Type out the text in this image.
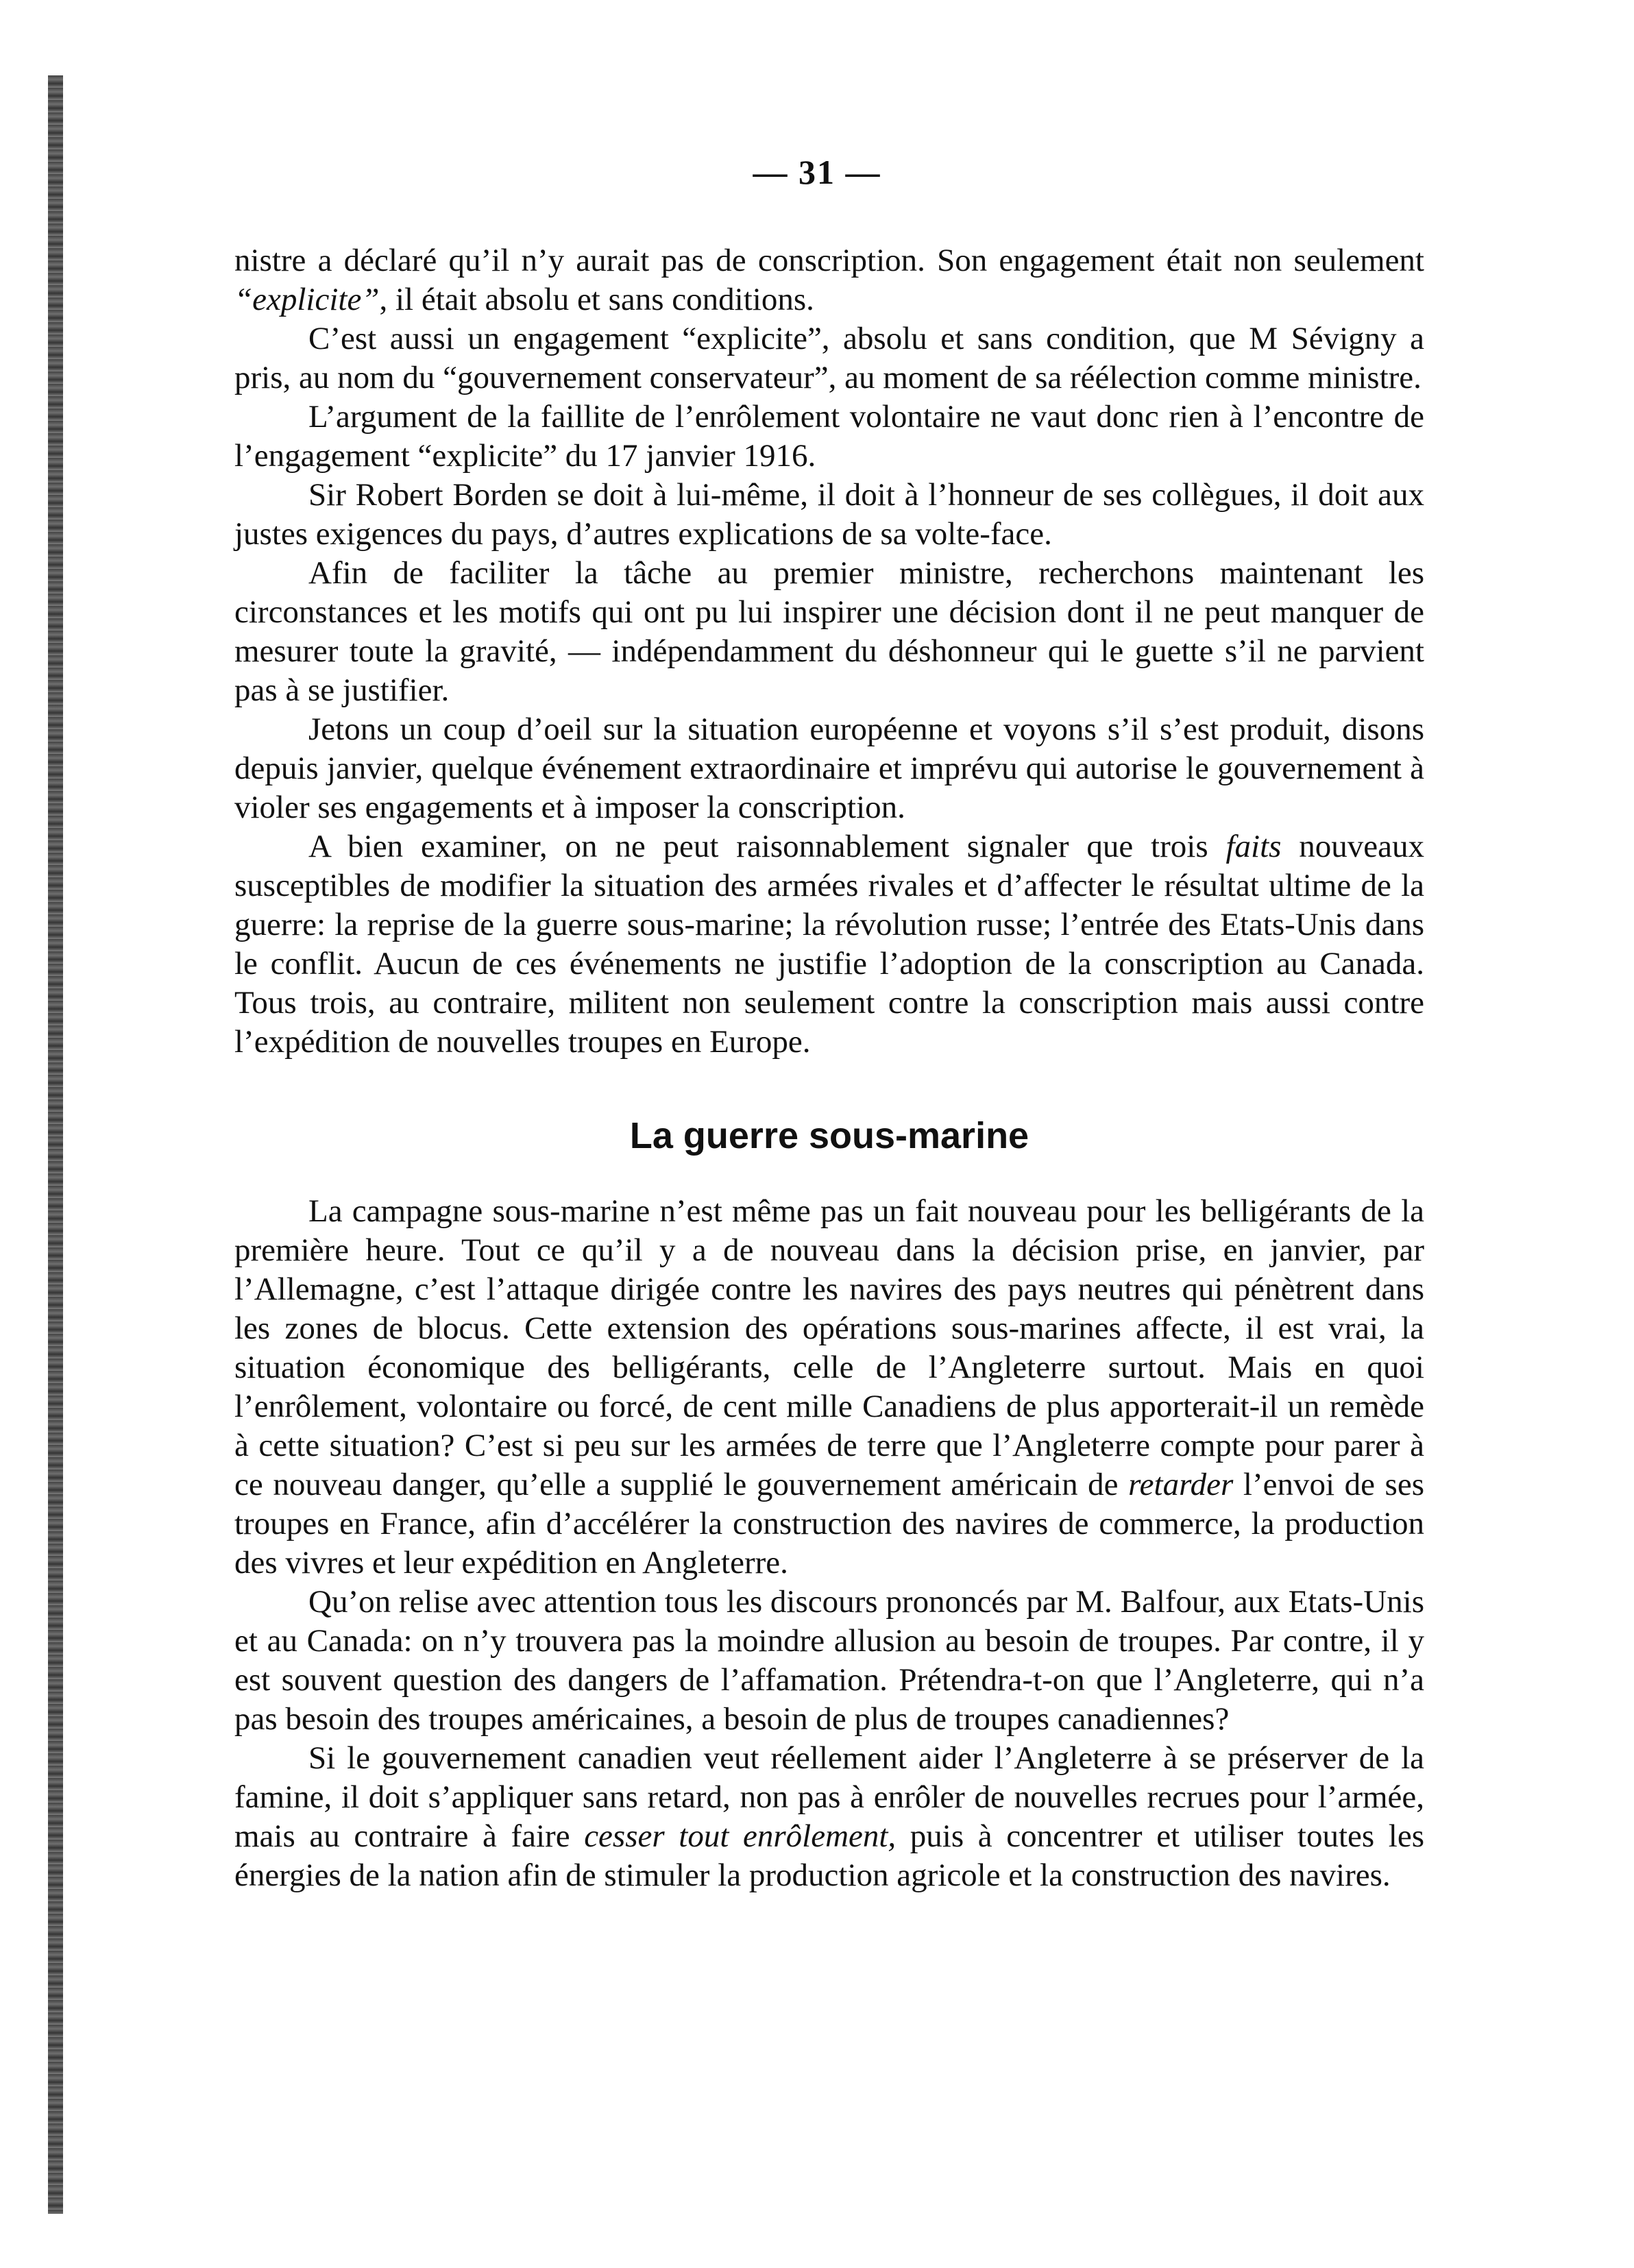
— 31 —

nistre a déclaré qu’il n’y aurait pas de conscription. Son engagement était non seulement “explicite”, il était absolu et sans conditions.

C’est aussi un engagement “explicite”, absolu et sans condition, que M Sévigny a pris, au nom du “gouvernement conservateur”, au moment de sa réélection comme ministre.

L’argument de la faillite de l’enrôlement volontaire ne vaut donc rien à l’encontre de l’engagement “explicite” du 17 janvier 1916.

Sir Robert Borden se doit à lui-même, il doit à l’honneur de ses collègues, il doit aux justes exigences du pays, d’autres explications de sa volte-face.

Afin de faciliter la tâche au premier ministre, recherchons maintenant les circonstances et les motifs qui ont pu lui inspirer une décision dont il ne peut manquer de mesurer toute la gravité, — indépendamment du déshonneur qui le guette s’il ne parvient pas à se justifier.

Jetons un coup d’oeil sur la situation européenne et voyons s’il s’est produit, disons depuis janvier, quelque événement extraordinaire et imprévu qui autorise le gouvernement à violer ses engagements et à imposer la conscription.

A bien examiner, on ne peut raisonnablement signaler que trois faits nouveaux susceptibles de modifier la situation des armées rivales et d’affecter le résultat ultime de la guerre: la reprise de la guerre sous-marine; la révolution russe; l’entrée des Etats-Unis dans le conflit. Aucun de ces événements ne justifie l’adoption de la conscription au Canada. Tous trois, au contraire, militent non seulement contre la conscription mais aussi contre l’expédition de nouvelles troupes en Europe.

La guerre sous-marine

La campagne sous-marine n’est même pas un fait nouveau pour les belligérants de la première heure. Tout ce qu’il y a de nouveau dans la décision prise, en janvier, par l’Allemagne, c’est l’attaque dirigée contre les navires des pays neutres qui pénètrent dans les zones de blocus. Cette extension des opérations sous-marines affecte, il est vrai, la situation économique des belligérants, celle de l’Angleterre surtout. Mais en quoi l’enrôlement, volontaire ou forcé, de cent mille Canadiens de plus apporterait-il un remède à cette situation? C’est si peu sur les armées de terre que l’Angleterre compte pour parer à ce nouveau danger, qu’elle a supplié le gouvernement américain de retarder l’envoi de ses troupes en France, afin d’accélérer la construction des navires de commerce, la production des vivres et leur expédition en Angleterre.

Qu’on relise avec attention tous les discours prononcés par M. Balfour, aux Etats-Unis et au Canada: on n’y trouvera pas la moindre allusion au besoin de troupes. Par contre, il y est souvent question des dangers de l’affamation. Prétendra-t-on que l’Angleterre, qui n’a pas besoin des troupes américaines, a besoin de plus de troupes canadiennes?

Si le gouvernement canadien veut réellement aider l’Angleterre à se préserver de la famine, il doit s’appliquer sans retard, non pas à enrôler de nouvelles recrues pour l’armée, mais au contraire à faire cesser tout enrôlement, puis à concentrer et utiliser toutes les énergies de la nation afin de stimuler la production agricole et la construction des navires.
